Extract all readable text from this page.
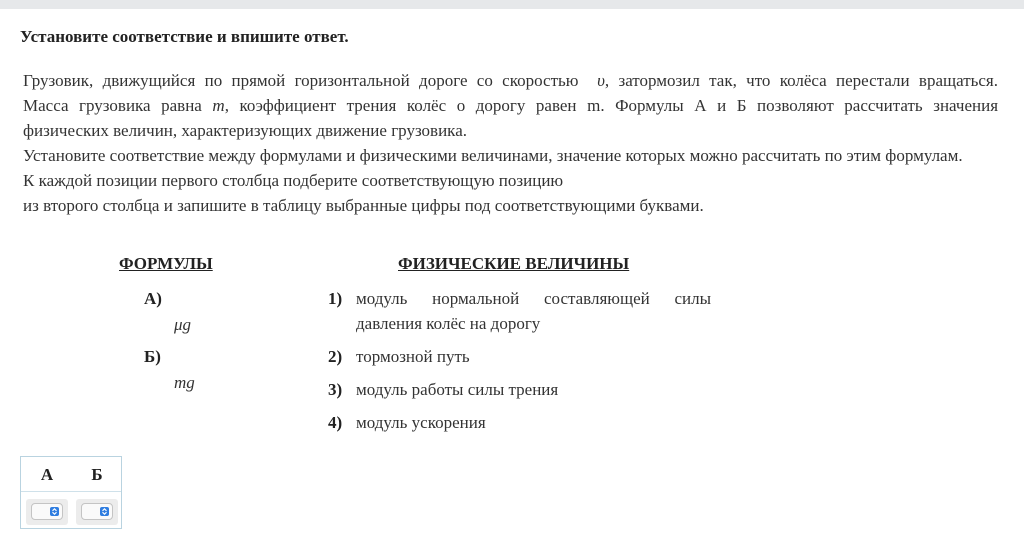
Установите соответствие и впишите ответ.

Грузовик, движущийся по прямой горизонтальной дороге со скоростью υ, затормозил так, что колёса перестали вращаться.

Масса грузовика равна m, коэффициент трения колёс о дорогу равен m. Формулы А и Б позволяют рассчитать значения

физических величин, характеризующих движение грузовика.

Установите соответствие между формулами и физическими величинами, значение которых можно рассчитать по этим формулам.

К каждой позиции первого столбца подберите соответствующую позицию

из второго столбца и запишите в таблицу выбранные цифры под соответствующими буквами.

ФОРМУЛЫ	ФИЗИЧЕСКИЕ ВЕЛИЧИНЫ
А)
μg
Б)
mg
1) модуль нормальной составляющей силы
давления колёс на дорогу
2) тормозной путь
3) модуль работы силы трения
4) модуль ускорения
А	Б
